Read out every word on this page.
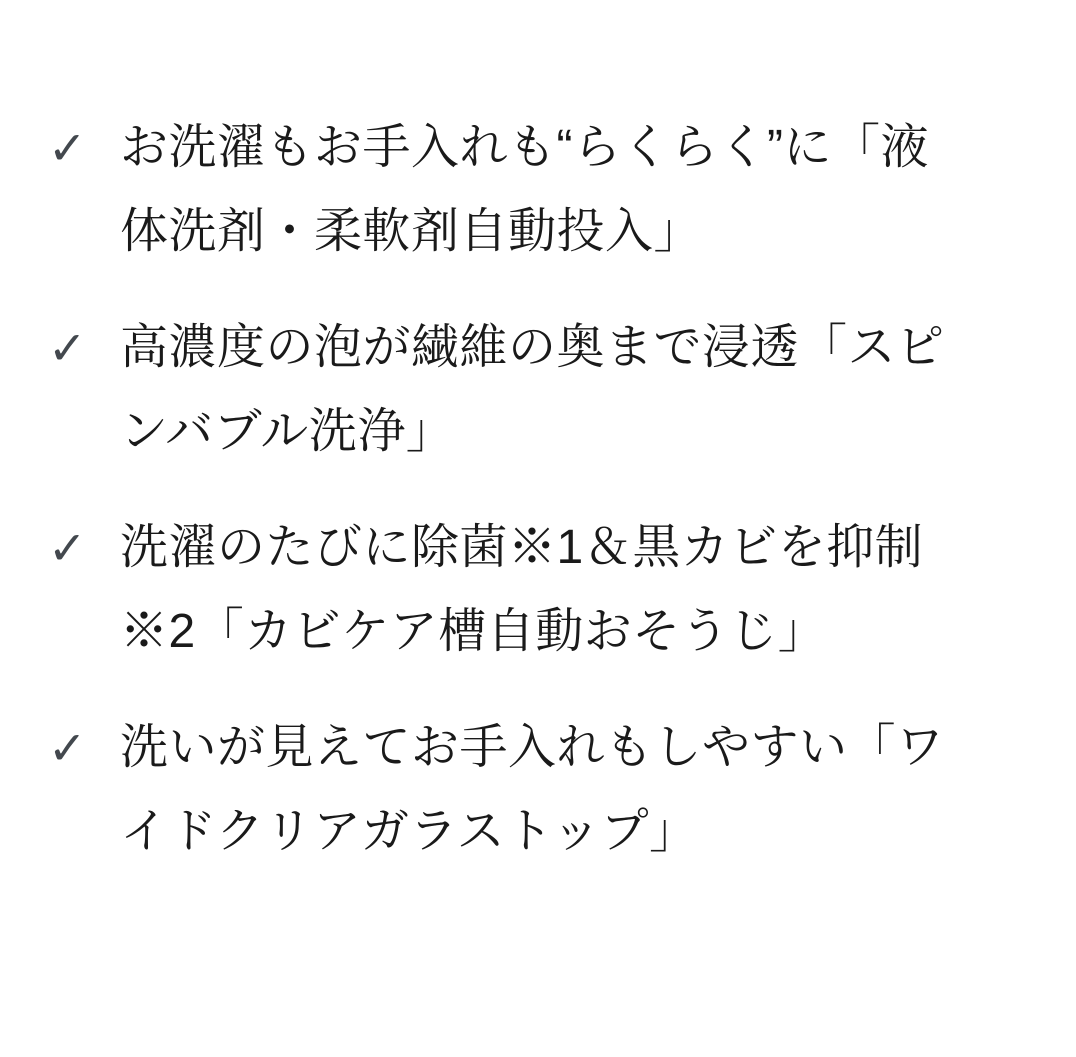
✓ お洗濯もお手入れも“らくらく”に「液
体洗剤・柔軟剤自動投入」

✓ 高濃度の泡が繊維の奥まで浸透「スピ
ンバブル洗浄」

✓ 洗濯のたびに除菌※1＆黒カビを抑制
※2「カビケア槽自動おそうじ」

✓ 洗いが見えてお手入れもしやすい「ワ
イドクリアガラストップ」
